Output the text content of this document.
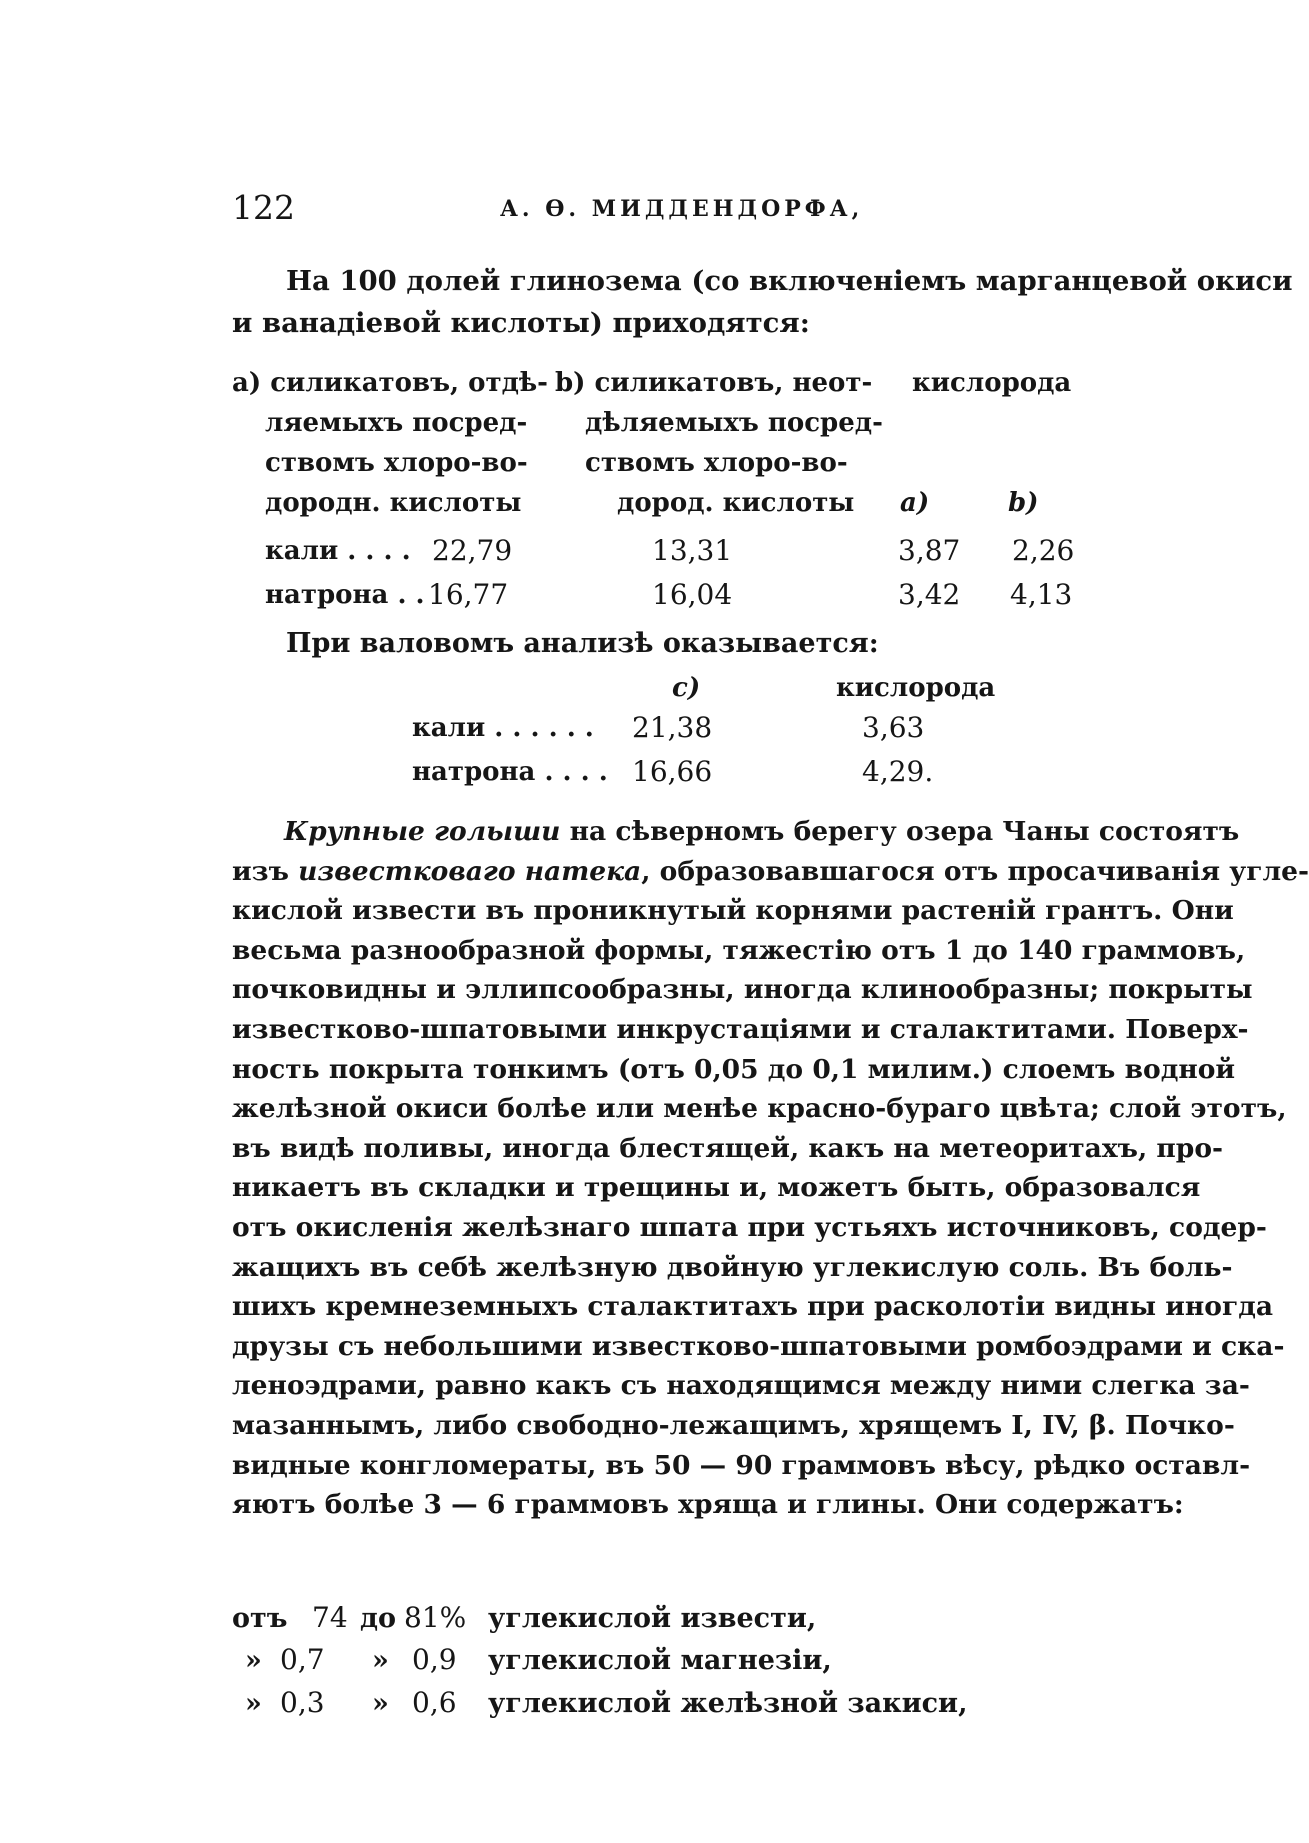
122	А. Ѳ. МИДДЕНДОРФА,
На 100 долей глинозема (со включеніемъ марганцевой окиси
и ванадіевой кислоты) приходятся:
a) силикатовъ, отдѣ-
ляемыхъ посред-
ствомъ хлоро-во-
дородн. кислоты
b) силикатовъ, неот-
дѣляемыхъ посред-
ствомъ хлоро-во-
дород. кислоты
кислорода
a)	b)
кали . . . . 22,79	13,31	3,87 2,26
натрона . . 16,77	16,04	3,42 4,13
При валовомъ анализѣ оказывается:
c)	кислорода
кали . . . . . . 21,38	3,63
натрона . . . . 16,66	4,29.
Крупные голыши на сѣверномъ берегу озера Чаны состоятъ
изъ известковаго натека, образовавшагося отъ просачиванія угле-
кислой извести въ проникнутый корнями растеній грантъ. Они
весьма разнообразной формы, тяжестію отъ 1 до 140 граммовъ,
почковидны и эллипсообразны, иногда клинообразны; покрыты
известково-шпатовыми инкрустаціями и сталактитами. Поверх-
ность покрыта тонкимъ (отъ 0,05 до 0,1 милим.) слоемъ водной
желѣзной окиси болѣе или менѣе красно-бураго цвѣта; слой этотъ,
въ видѣ поливы, иногда блестящей, какъ на метеоритахъ, про-
никаетъ въ складки и трещины и, можетъ быть, образовался
отъ окисленія желѣзнаго шпата при устьяхъ источниковъ, содер-
жащихъ въ себѣ желѣзную двойную углекислую соль. Въ боль-
шихъ кремнеземныхъ сталактитахъ при расколотіи видны иногда
друзы съ небольшими известково-шпатовыми ромбоэдрами и ска-
леноэдрами, равно какъ съ находящимся между ними слегка за-
мазаннымъ, либо свободно-лежащимъ, хрящемъ I, IV, β. Почко-
видные конгломераты, въ 50 — 90 граммовъ вѣсу, рѣдко оставл-
яютъ болѣе 3 — 6 граммовъ хряща и глины. Они содержатъ:
отъ 74 до 81% углекислой извести,
» 0,7 » 0,9 углекислой магнезіи,
» 0,3 » 0,6 углекислой желѣзной закиси,
